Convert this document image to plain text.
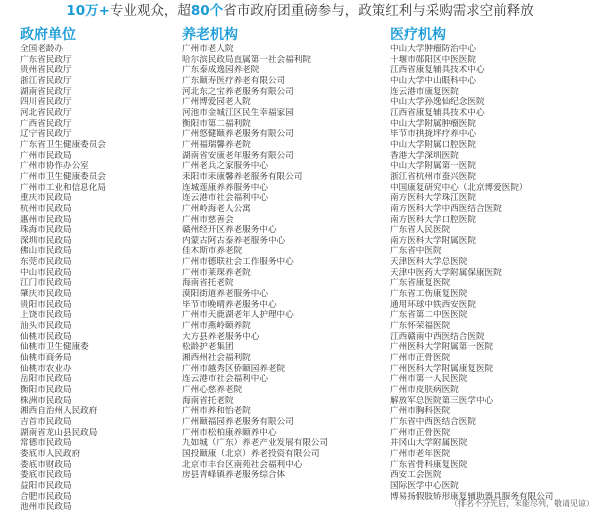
10万+专业观众，超80个省市政府团重磅参与，政策红利与采购需求空前释放
政府单位
全国老龄办
广东省民政厅
贵州省民政厅
浙江省民政厅
湖南省民政厅
四川省民政厅
河北省民政厅
广西省民政厅
辽宁省民政厅
广东省卫生健康委员会
广州市民政局
广州市协作办公室
广州市卫生健康委员会
广州市工业和信息化局
重庆市民政局
杭州市民政局
惠州市民政局
珠海市民政局
深圳市民政局
佛山市民政局
东莞市民政局
中山市民政局
江门市民政局
肇庆市民政局
贵阳市民政局
上饶市民政局
汕头市民政局
仙桃市民政局
仙桃市卫生健康委
仙桃市商务局
仙桃市农业办
岳阳市民政局
衡阳市民政局
株洲市民政局
湘西自治州人民政府
吉首市民政局
湖南省龙山县民政局
常德市民政局
娄底市人民政府
娄底市财政局
娄底市民政局
益阳市民政局
合肥市民政局
池州市民政局
养老机构
广州市老人院
哈尔滨民政局直属第一社会福利院
广东泰成逸园养老院
广东颐寿医疗养老有限公司
河北东之宝养老服务有限公司
广州博爱园老人院
河池市金城江区民生幸福家园
衡阳市第二福利院
广州悠健颐养老服务有限公司
广州福瑞馨养老院
湖南省安康老年服务有限公司
广州老兵之家服务中心
耒阳市耒康馨养老服务有限公司
连城莲康养养服务中心
连云港市社会福利中心
广州岭海老人公寓
广州市慈善会
赣州经开区养老服务中心
内蒙古阿古泰养老服务中心
佳木斯市养老院
广州市德联社会工作服务中心
广州市莱琛养老院
海南省托老院
漠阳街道养老服务中心
毕节市晚晴养老服务中心
广州市天鹿湖老年人护理中心
广州市燕岭颐养院
大方县养老服务中心
松龄护老集团
湘西州社会福利院
广州市越秀区侨颐园养老院
连云港市社会福利中心
广州心慈养老院
海南省托老院
广州市养和怡老院
广州颐福园养老服务有限公司
广州市松柏康养颐养中心
九如城（广东）养老产业发展有限公司
国投颐康（北京）养老投资有限公司
北京市丰台区南苑社会福利中心
房县青峰镇养老服务综合体
医疗机构
中山大学肿瘤防治中心
十堰市郧阳区中医医院
江西省康复辅具技术中心
中山大学中山眼科中心
连云港市康复医院
中山大学孙逸仙纪念医院
江西省康复辅具技术中心
中山大学附属肿瘤医院
毕节市拱拢坪疗养中心
中山大学附属口腔医院
香港大学深圳医院
中山大学附属第一医院
浙江省杭州市蚕兴医院
中国康复研究中心（北京博爱医院）
南方医科大学珠江医院
南方医科大学中西医结合医院
南方医科大学口腔医院
广东省人民医院
南方医科大学附属医院
广东省中医院
天津医科大学总医院
天津中医药大学附属保康医院
广东省康复医院
广东省工伤康复医院
通用环球中铁西安医院
广东省第二中医医院
广东怀荣福医院
江西赣南中西医结合医院
广州医科大学附属第一医院
广州市正骨医院
广州医科大学附属康复医院
广州市第一人民医院
广州市皮肤病医院
解放军总医院第三医学中心
广州市胸科医院
广东省中西医结合医院
广州市正骨医院
井冈山大学附属医院
广州市老年医院
广东省骨科康复医院
西安工会医院
国际医学中心医院
博易扬假肢矫形康复辅助器具服务有限公司
（排名不分先后，未能尽列，敬请见谅）
